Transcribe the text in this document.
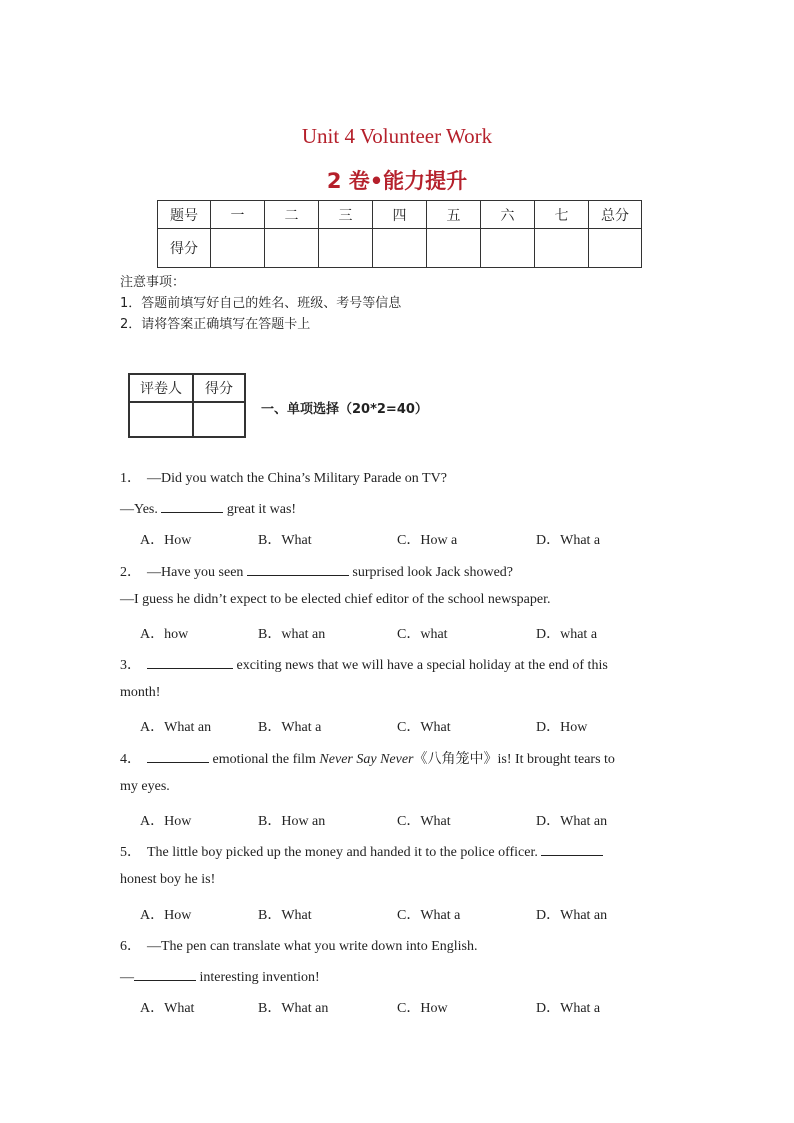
Unit 4 Volunteer Work
2 卷•能力提升
题号	一	二	三	四	五	六	七	总分
得分								
注意事项：
1．答题前填写好自己的姓名、班级、考号等信息
2．请将答案正确填写在答题卡上
评卷人	得分

一、单项选择（20*2=40）
1． —Did you watch the China’s Military Parade on TV?
—Yes.	great it was!
A．How	B．What	C．How a	D．What a
2． —Have you seen	surprised look Jack showed?
—I guess he didn’t expect to be elected chief editor of the school newspaper.
A．how	B．what an	C．what	D．what a
3．	exciting news that we will have a special holiday at the end of this
month!
A．What an	B．What a	C．What	D．How
4．	emotional the film Never Say Never《八角笼中》is! It brought tears to
my eyes.
A．How	B．How an	C．What	D．What an
5． The little boy picked up the money and handed it to the police officer.
honest boy he is!
A．How	B．What	C．What a	D．What an
6． —The pen can translate what you write down into English.
—	interesting invention!
A．What	B．What an	C．How	D．What a
